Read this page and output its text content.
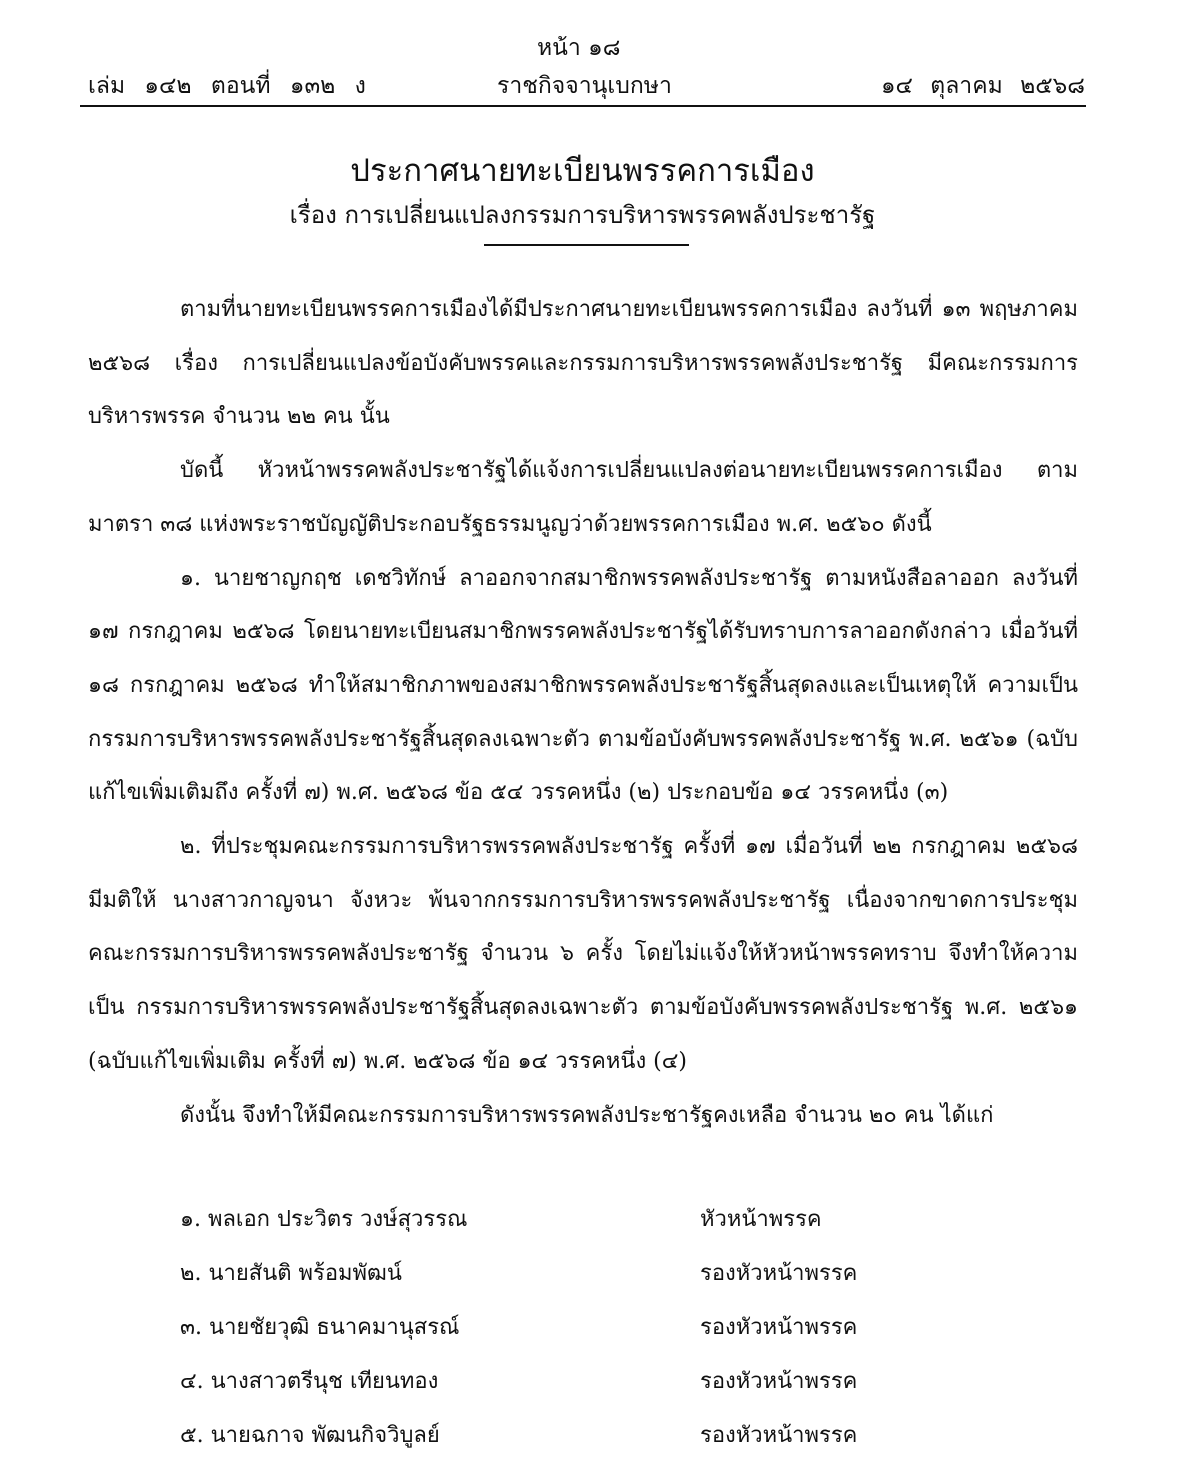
หน้า ๑๘
เล่ม ๑๔๒ ตอนที่ ๑๓๒ ง	ราชกิจจานุเบกษา	๑๔ ตุลาคม ๒๕๖๘
ประกาศนายทะเบียนพรรคการเมือง
เรื่อง การเปลี่ยนแปลงกรรมการบริหารพรรคพลังประชารัฐ

ตามที่นายทะเบียนพรรคการเมืองได้มีประกาศนายทะเบียนพรรคการเมือง ลงวันที่ ๑๓ พฤษภาคม ๒๕๖๘ เรื่อง การเปลี่ยนแปลงข้อบังคับพรรคและกรรมการบริหารพรรคพลังประชารัฐ มีคณะกรรมการบริหารพรรค จำนวน ๒๒ คน นั้น

บัดนี้ หัวหน้าพรรคพลังประชารัฐได้แจ้งการเปลี่ยนแปลงต่อนายทะเบียนพรรคการเมือง ตามมาตรา ๓๘ แห่งพระราชบัญญัติประกอบรัฐธรรมนูญว่าด้วยพรรคการเมือง พ.ศ. ๒๕๖๐ ดังนี้

๑. นายชาญกฤช เดชวิทักษ์ ลาออกจากสมาชิกพรรคพลังประชารัฐ ตามหนังสือลาออก ลงวันที่ ๑๗ กรกฎาคม ๒๕๖๘ โดยนายทะเบียนสมาชิกพรรคพลังประชารัฐได้รับทราบการลาออกดังกล่าว เมื่อวันที่ ๑๘ กรกฎาคม ๒๕๖๘ ทำให้สมาชิกภาพของสมาชิกพรรคพลังประชารัฐสิ้นสุดลงและเป็นเหตุให้ ความเป็นกรรมการบริหารพรรคพลังประชารัฐสิ้นสุดลงเฉพาะตัว ตามข้อบังคับพรรคพลังประชารัฐ พ.ศ. ๒๕๖๑ (ฉบับแก้ไขเพิ่มเติมถึง ครั้งที่ ๗) พ.ศ. ๒๕๖๘ ข้อ ๕๔ วรรคหนึ่ง (๒) ประกอบข้อ ๑๔ วรรคหนึ่ง (๓)

๒. ที่ประชุมคณะกรรมการบริหารพรรคพลังประชารัฐ ครั้งที่ ๑๗ เมื่อวันที่ ๒๒ กรกฎาคม ๒๕๖๘ มีมติให้ นางสาวกาญจนา จังหวะ พ้นจากกรรมการบริหารพรรคพลังประชารัฐ เนื่องจากขาดการประชุม คณะกรรมการบริหารพรรคพลังประชารัฐ จำนวน ๖ ครั้ง โดยไม่แจ้งให้หัวหน้าพรรคทราบ จึงทำให้ความเป็น กรรมการบริหารพรรคพลังประชารัฐสิ้นสุดลงเฉพาะตัว ตามข้อบังคับพรรคพลังประชารัฐ พ.ศ. ๒๕๖๑ (ฉบับแก้ไขเพิ่มเติม ครั้งที่ ๗) พ.ศ. ๒๕๖๘ ข้อ ๑๔ วรรคหนึ่ง (๔)

ดังนั้น จึงทำให้มีคณะกรรมการบริหารพรรคพลังประชารัฐคงเหลือ จำนวน ๒๐ คน ได้แก่

๑. พลเอก ประวิตร วงษ์สุวรรณ	หัวหน้าพรรค
๒. นายสันติ พร้อมพัฒน์	รองหัวหน้าพรรค
๓. นายชัยวุฒิ ธนาคมานุสรณ์	รองหัวหน้าพรรค
๔. นางสาวตรีนุช เทียนทอง	รองหัวหน้าพรรค
๕. นายฉกาจ พัฒนกิจวิบูลย์	รองหัวหน้าพรรค
